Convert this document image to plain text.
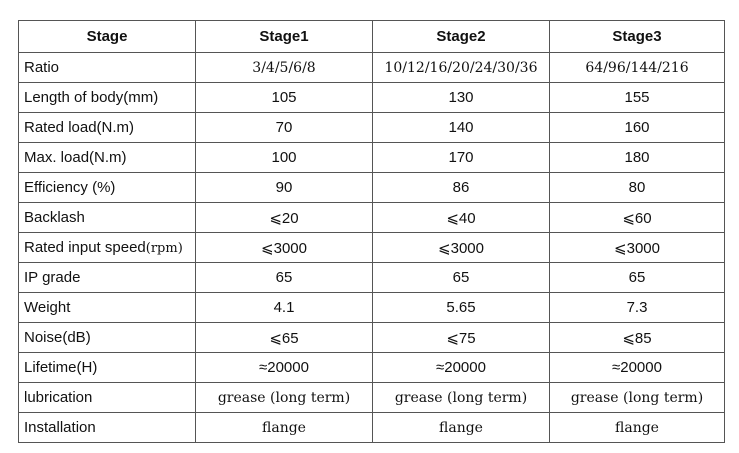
Stage	Stage1	Stage2	Stage3
Ratio	3/4/5/6/8	10/12/16/20/24/30/36	64/96/144/216
Length of body(mm)	105	130	155
Rated load(N.m)	70	140	160
Max. load(N.m)	100	170	180
Efficiency (%)	90	86	80
Backlash	⩽20	⩽40	⩽60
Rated input speed(rpm)	⩽3000	⩽3000	⩽3000
IP grade	65	65	65
Weight	4.1	5.65	7.3
Noise(dB)	⩽65	⩽75	⩽85
Lifetime(H)	≈20000	≈20000	≈20000
lubrication	grease (long term)	grease (long term)	grease (long term)
Installation	flange	flange	flange
